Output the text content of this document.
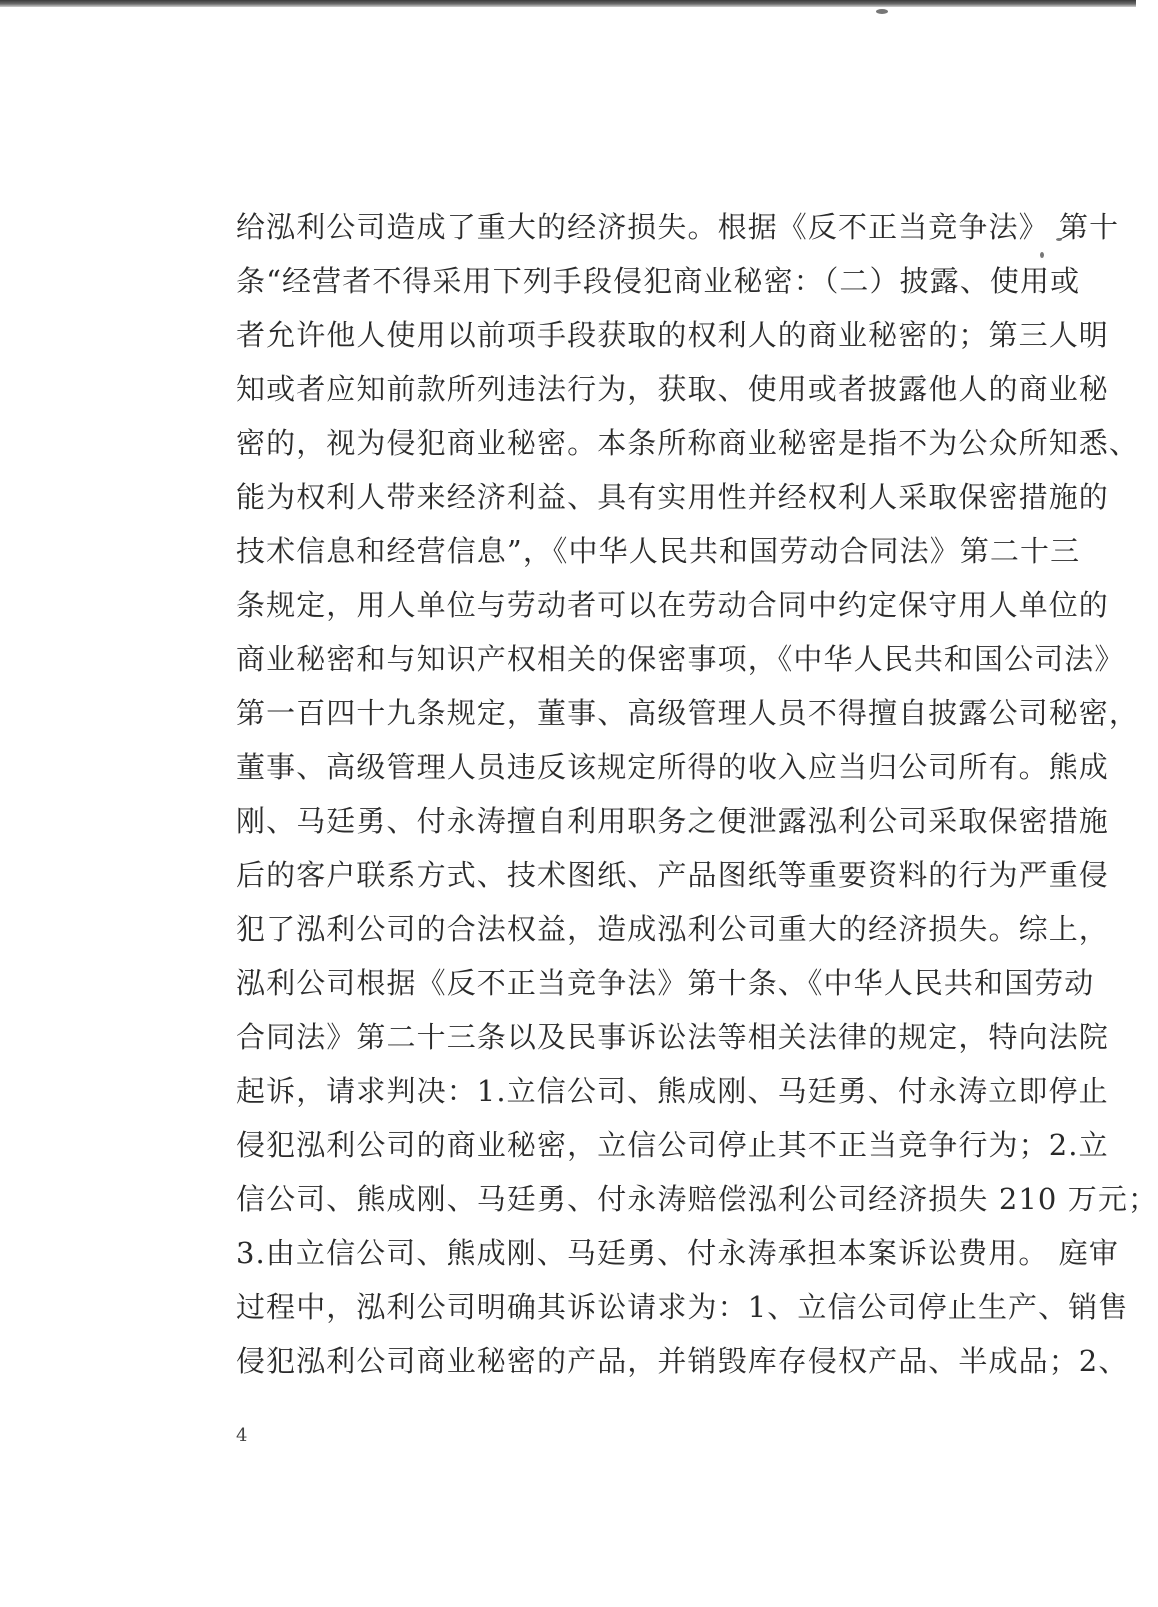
给泓利公司造成了重大的经济损失。根据《反不正当竞争法》 第十
条“经营者不得采用下列手段侵犯商业秘密：（二）披露、使用或
者允许他人使用以前项手段获取的权利人的商业秘密的；第三人明
知或者应知前款所列违法行为，获取、使用或者披露他人的商业秘
密的，视为侵犯商业秘密。本条所称商业秘密是指不为公众所知悉、
能为权利人带来经济利益、具有实用性并经权利人采取保密措施的
技术信息和经营信息”，《中华人民共和国劳动合同法》第二十三
条规定，用人单位与劳动者可以在劳动合同中约定保守用人单位的
商业秘密和与知识产权相关的保密事项，《中华人民共和国公司法》
第一百四十九条规定，董事、高级管理人员不得擅自披露公司秘密，
董事、高级管理人员违反该规定所得的收入应当归公司所有。熊成
刚、马廷勇、付永涛擅自利用职务之便泄露泓利公司采取保密措施
后的客户联系方式、技术图纸、产品图纸等重要资料的行为严重侵
犯了泓利公司的合法权益，造成泓利公司重大的经济损失。综上，
泓利公司根据《反不正当竞争法》第十条、《中华人民共和国劳动
合同法》第二十三条以及民事诉讼法等相关法律的规定，特向法院
起诉，请求判决：1.立信公司、熊成刚、马廷勇、付永涛立即停止
侵犯泓利公司的商业秘密，立信公司停止其不正当竞争行为；2.立
信公司、熊成刚、马廷勇、付永涛赔偿泓利公司经济损失 210 万元；
3.由立信公司、熊成刚、马廷勇、付永涛承担本案诉讼费用。 庭审
过程中，泓利公司明确其诉讼请求为：1、立信公司停止生产、销售
侵犯泓利公司商业秘密的产品，并销毁库存侵权产品、半成品；2、
4
